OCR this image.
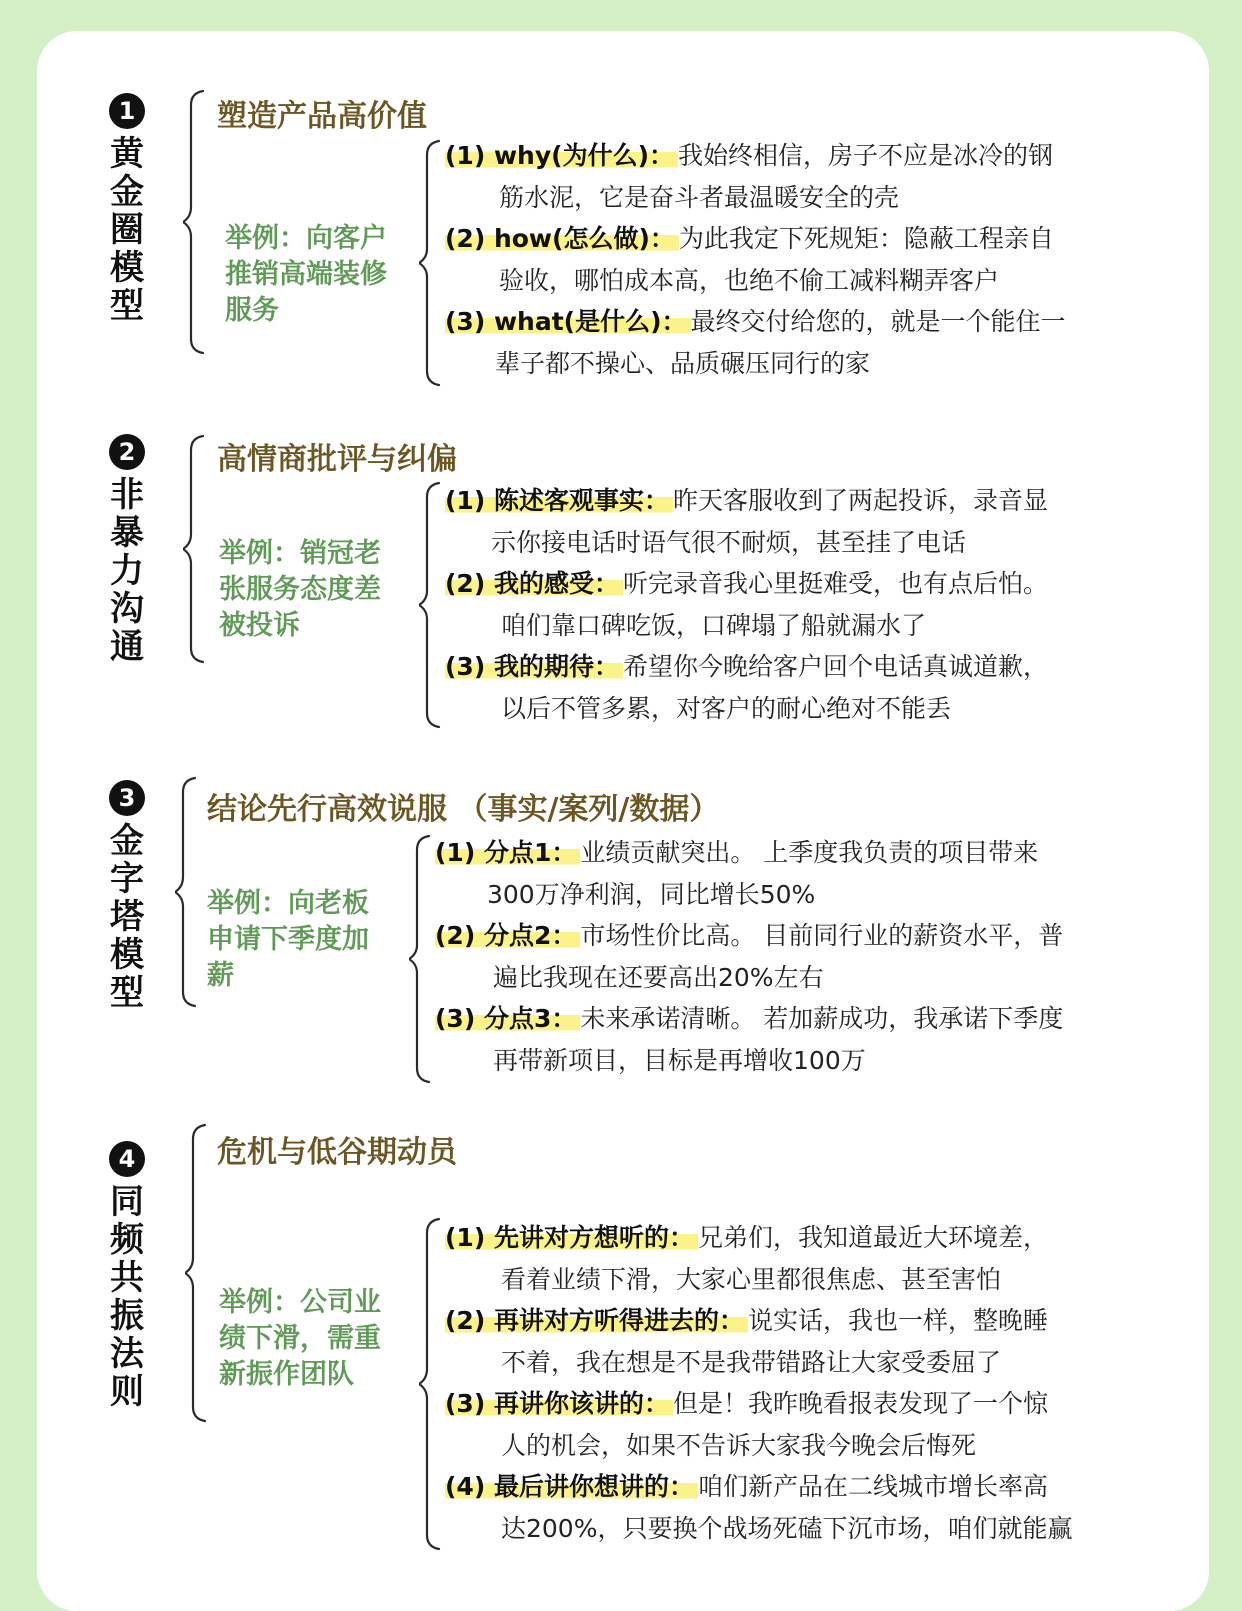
1
黄
金
圈
模
型
塑造产品高价值
举例：向客户
推销高端装修
服务
(1) why(为什么)： 我始终相信，房子不应是冰冷的钢
筋水泥，它是奋斗者最温暖安全的壳
(2) how(怎么做)： 为此我定下死规矩：隐蔽工程亲自
验收，哪怕成本高，也绝不偷工减料糊弄客户
(3) what(是什么)： 最终交付给您的，就是一个能住一
辈子都不操心、品质碾压同行的家
2
非
暴
力
沟
通
高情商批评与纠偏
举例：销冠老
张服务态度差
被投诉
(1) 陈述客观事实： 昨天客服收到了两起投诉，录音显
示你接电话时语气很不耐烦，甚至挂了电话
(2) 我的感受： 听完录音我心里挺难受，也有点后怕。
咱们靠口碑吃饭，口碑塌了船就漏水了
(3) 我的期待： 希望你今晚给客户回个电话真诚道歉，
以后不管多累，对客户的耐心绝对不能丢
3
金
字
塔
模
型
结论先行高效说服 （事实/案列/数据）
举例：向老板
申请下季度加
薪
(1) 分点1： 业绩贡献突出。 上季度我负责的项目带来
300万净利润，同比增长50%
(2) 分点2： 市场性价比高。 目前同行业的薪资水平，普
遍比我现在还要高出20%左右
(3) 分点3： 未来承诺清晰。 若加薪成功，我承诺下季度
再带新项目，目标是再增收100万
4
同
频
共
振
法
则
危机与低谷期动员
举例：公司业
绩下滑，需重
新振作团队
(1) 先讲对方想听的： 兄弟们，我知道最近大环境差，
看着业绩下滑，大家心里都很焦虑、甚至害怕
(2) 再讲对方听得进去的： 说实话，我也一样，整晚睡
不着，我在想是不是我带错路让大家受委屈了
(3) 再讲你该讲的： 但是！我昨晚看报表发现了一个惊
人的机会，如果不告诉大家我今晚会后悔死
(4) 最后讲你想讲的： 咱们新产品在二线城市增长率高
达200%，只要换个战场死磕下沉市场，咱们就能赢
